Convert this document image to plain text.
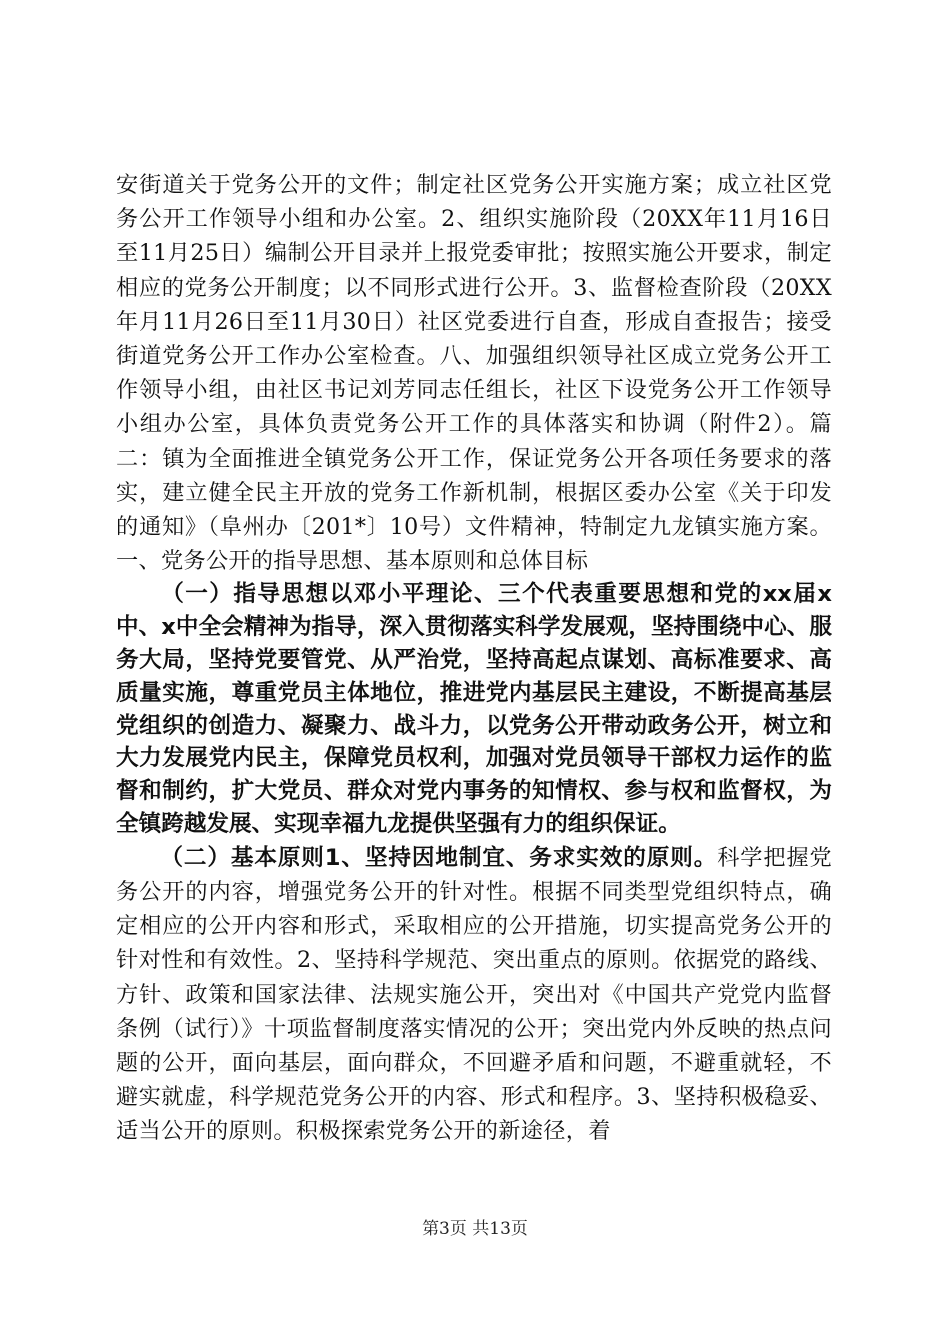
安街道关于党务公开的文件；制定社区党务公开实施方案；成立社区党务公开工作领导小组和办公室。2、组织实施阶段（20XX年11月16日至11月25日）编制公开目录并上报党委审批；按照实施公开要求，制定相应的党务公开制度；以不同形式进行公开。3、监督检查阶段（20XX年月11月26日至11月30日）社区党委进行自查，形成自查报告；接受街道党务公开工作办公室检查。八、加强组织领导社区成立党务公开工作领导小组，由社区书记刘芳同志任组长，社区下设党务公开工作领导小组办公室，具体负责党务公开工作的具体落实和协调（附件2）。篇二：镇为全面推进全镇党务公开工作，保证党务公开各项任务要求的落实，建立健全民主开放的党务工作新机制，根据区委办公室《关于印发的通知》（阜州办〔201*〕10号）文件精神，特制定九龙镇实施方案。一、党务公开的指导思想、基本原则和总体目标

（一）指导思想以邓小平理论、三个代表重要思想和党的xx届x中、x中全会精神为指导，深入贯彻落实科学发展观，坚持围绕中心、服务大局，坚持党要管党、从严治党，坚持高起点谋划、高标准要求、高质量实施，尊重党员主体地位，推进党内基层民主建设，不断提高基层党组织的创造力、凝聚力、战斗力，以党务公开带动政务公开，树立和大力发展党内民主，保障党员权利，加强对党员领导干部权力运作的监督和制约，扩大党员、群众对党内事务的知情权、参与权和监督权，为全镇跨越发展、实现幸福九龙提供坚强有力的组织保证。

（二）基本原则1、坚持因地制宜、务求实效的原则。科学把握党务公开的内容，增强党务公开的针对性。根据不同类型党组织特点，确定相应的公开内容和形式，采取相应的公开措施，切实提高党务公开的针对性和有效性。2、坚持科学规范、突出重点的原则。依据党的路线、方针、政策和国家法律、法规实施公开，突出对《中国共产党党内监督条例（试行）》十项监督制度落实情况的公开；突出党内外反映的热点问题的公开，面向基层，面向群众，不回避矛盾和问题，不避重就轻，不避实就虚，科学规范党务公开的内容、形式和程序。3、坚持积极稳妥、适当公开的原则。积极探索党务公开的新途径，着

第3页 共13页
